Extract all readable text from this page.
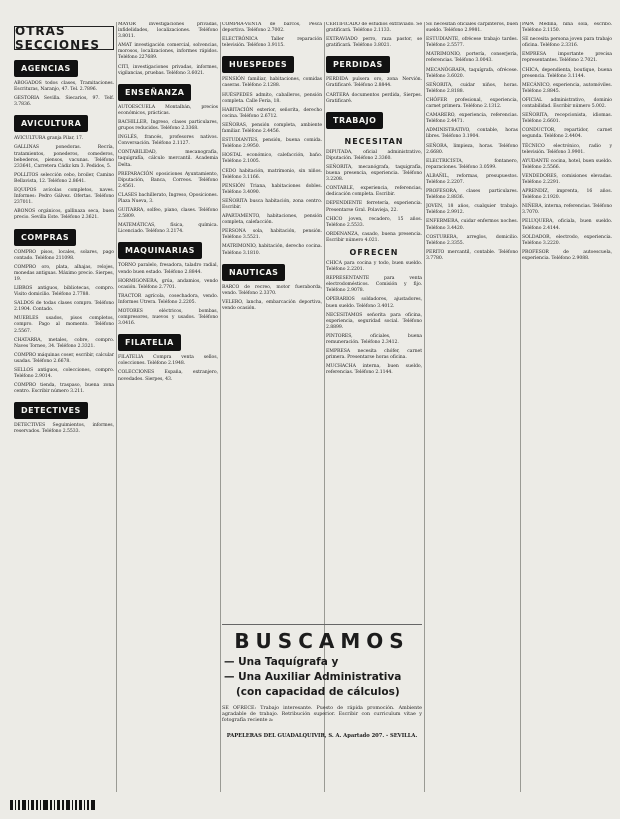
OTRAS SECCIONES
AGENCIAS

ABOGADOS todos clases, Tramitaciones. Escrituras, Naranjo, 47. Tel. 2.7896.

GESTORIA Sevilla. Siecarios, 97. Telf. 3.7836.

AVICULTURA

AVICULTURA granja Pilar, 17.

GALLINAS ponedoras. Recría, tratamientos, ponederos, comederos, bebederos, piensos, vacunas. Teléfono 233641, Carretera Cádiz km 3. Pedidos, 5.

POLLITOS selección cebo, broiler, Camino Bellavista, 12. Teléfono 2.8641.

EQUIPOS avícolas completos, naves. Informes: Pedro Gálvez. Ofertas. Teléfono 237011.

ABONOS orgánicos, gallinaza seca, buen precio. Sevilla Este. Teléfono 2.3621.

COMPRAS

COMPRO pisos, locales, solares, pago contado. Teléfono 211098.

COMPRO oro, plata, alhajas, relojes, monedas antiguas. Máximo precio. Sierpes, 19.

LIBROS antiguos, bibliotecas, compro. Visito domicilio. Teléfono 2.7788.

SALDOS de todas clases compro. Teléfono 2.1904. Contado.

MUEBLES usados, pisos completos, compro. Pago al momento. Teléfono 2.5567.

CHATARRA, metales, cobre, compro. Naves Torneo, 34. Teléfono 2.3321.

COMPRO máquinas coser, escribir, calcular usadas. Teléfono 2.6678.

SELLOS antiguos, colecciones, compro. Teléfono 2.9014.

COMPRO tienda, traspaso, buena zona centro. Escribir número 3.211.

DETECTIVES

DETECTIVES Seguimientos, informes, reservados. Teléfono 2.5533.

MAYOR investigaciones privadas, infidelidades, localizaciones. Teléfono 3.8011.

AMAT investigación comercial, solvencias, morosos, localizaciones, informes rápidos. Teléfono 227689.

CITI, investigaciones privadas, informes, vigilancias, pruebas. Teléfono 3.6021.

ENSEÑANZA

AUTOESCUELA Montalbán, precios económicos, prácticas.

BACHILLER, Ingreso, clases particulares, grupos reducidos. Teléfono 2.3368.

INGLÉS, francés, profesores nativos. Conversación. Teléfono 2.1127.

CONTABILIDAD, mecanografía, taquigrafía, cálculo mercantil. Academia Delta.

PREPARACIÓN oposiciones Ayuntamiento, Diputación, Banca, Correos. Teléfono 2.4561.

CLASES bachillerato, Ingreso, Oposiciones. Plaza Nueva, 3.

GUITARRA, solfeo, piano, clases. Teléfono 2.5809.

MATEMÁTICAS, física, química. Licenciado. Teléfono 3.2174.

MAQUINARIAS

TORNO paralelo, fresadora, taladro radial, vendo buen estado. Teléfono 2.8844.

HORMIGONERA, grúa, andamios, vendo ocasión. Teléfono 2.7701.

TRACTOR agrícola, cosechadora, vendo. Informes Utrera. Teléfono 2.2205.

MOTORES eléctricos, bombas, compresores, nuevos y usados. Teléfono 3.0416.

FILATELIA

FILATELIA Compra venta sellos, colecciones. Teléfono 2.1948.

COLECCIONES España, extranjero, novedades. Sierpes, 43.

COMPRA-VENTA de barcos, Pesca deportiva. Teléfono 2.7002.

ELECTRÓNICA Taller reparación televisión. Teléfono 3.9115.

HUESPEDES

PENSIÓN familiar, habitaciones, comidas caseras. Teléfono 2.1288.

HUÉSPEDES admito, caballeros, pensión completa. Calle Feria, 18.

HABITACIÓN exterior, señorita, derecho cocina. Teléfono 2.6712.

SEÑORAS, pensión completa, ambiente familiar. Teléfono 2.4456.

ESTUDIANTES, pensión, buena comida. Teléfono 2.9950.

HOSTAL económico, calefacción, baño. Teléfono 2.1005.

CEDO habitación, matrimonio, sin niños. Teléfono 3.1166.

PENSIÓN Triana, habitaciones dobles. Teléfono 3.4090.

SEÑORITA busca habitación, zona centro. Escribir.

APARTAMENTO, habitaciones, pensión completa, calefacción.

PERSONA sola, habitación, pensión. Teléfono 3.5521.

MATRIMONIO, habitación, derecho cocina. Teléfono 3.1810.

NAUTICAS

BARCO de recreo, motor fueraborda, vendo. Teléfono 2.3370.

VELERO, lancha, embarcación deportiva, vendo ocasión.

CERTIFICADO de estudios extraviado. Se gratificará. Teléfono 2.1133.

EXTRAVIADO perro, raza pastor, se gratificará. Teléfono 3.8021.

PERDIDAS

PERDIDA pulsera oro, zona Nervión. Gratificaré. Teléfono 2.8844.

CARTERA documentos perdida, Sierpes. Gratificaré.

TRABAJO
NECESITAN

DIPUTADA, oficial administrativo, Diputación. Teléfono 2.3360.

SEÑORITA, mecanógrafa, taquigrafía, buena presencia, experiencia. Teléfono 3.2208.

CONTABLE, experiencia, referencias, dedicación completa. Escribir.

DEPENDIENTE ferretería, experiencia. Presentarse Gral. Polavieja, 22.

CHICO joven, recadero, 15 años. Teléfono 2.5533.

ORDENANZA, casado, buena presencia. Escribir número 4.021.

OFRECEN

CHICA para cocina y todo, buen sueldo. Teléfono 2.2201.

REPRESENTANTE para venta electrodomésticos. Comisión y fijo. Teléfono 2.9078.

OPERARIOS soldadores, ajustadores, buen sueldo. Teléfono 3.4012.

NECESITAMOS señorita para oficina, experiencia, seguridad social. Teléfono 2.8899.

PINTORES, oficiales, buena remuneración. Teléfono 2.3412.

EMPRESA necesita chófer, carnet primera. Presentarse horas oficina.

MUCHACHA interna, buen sueldo, referencias. Teléfono 2.1144.

SE necesitan oficiales carpinteros, buen sueldo. Teléfono 2.9981.

ESTUDIANTE, ofrécese trabajo tardes. Teléfono 2.5577.

MATRIMONIO, portería, conserjería, referencias. Teléfono 3.0043.

MECANÓGRAFA, taquígrafa, ofrécese. Teléfono 3.6020.

SEÑORITA, cuidar niños, horas. Teléfono 2.8188.

CHÓFER profesional, experiencia, carnet primera. Teléfono 2.1312.

CAMARERO, experiencia, referencias. Teléfono 2.4471.

ADMINISTRATIVO, contable, horas libres. Teléfono 3.1904.

SEÑORA, limpieza, horas. Teléfono 2.6680.

ELECTRICISTA, fontanero, reparaciones. Teléfono 3.0599.

ALBAÑIL, reformas, presupuestos. Teléfono 2.2207.

PROFESORA, clases particulares. Teléfono 2.8836.

JOVEN, 18 años, cualquier trabajo. Teléfono 2.9912.

ENFERMERA, cuidar enfermos noches. Teléfono 3.4420.

COSTURERA, arreglos, domicilio. Teléfono 2.3355.

PERITO mercantil, contable. Teléfono 3.7780.

PAPA Medina, niña sola, escribo. Teléfono 2.1150.

SE necesita persona joven para trabajo oficina. Teléfono 2.3316.

EMPRESA importante precisa representantes. Teléfono 2.7021.

CHICA, dependienta, boutique, buena presencia. Teléfono 3.1144.

MECÁNICO, experiencia, automóviles. Teléfono 2.8845.

OFICIAL administrativo, dominio contabilidad. Escribir número 5.002.

SEÑORITA, recepcionista, idiomas. Teléfono 2.6601.

CONDUCTOR, repartidor, carnet segunda. Teléfono 2.4404.

TÉCNICO electrónico, radio y televisión. Teléfono 3.9901.

AYUDANTE cocina, hotel, buen sueldo. Teléfono 2.5566.

VENDEDORES, comisiones elevadas. Teléfono 2.2291.

APRENDIZ, imprenta, 16 años. Teléfono 2.1920.

NIÑERA, interna, referencias. Teléfono 3.7070.

PELUQUERA, oficiala, buen sueldo. Teléfono 2.4144.

SOLDADOR, electrodo, experiencia. Teléfono 3.2220.

PROFESOR de autoescuela, experiencia. Teléfono 2.9088.

BUSCAMOS
— Una Taquígrafa y
— Una Auxiliar Administrativa
(con capacidad de cálculos)

SE OFRECE: Trabajo interesante. Puesto de rápida promoción. Ambiente agradable de trabajo. Retribución superior. Escribir con curriculum vitae y fotografía reciente a:

PAPELERAS DEL GUADALQUIVIR, S. A. Apartado 207. - SEVILLA.
